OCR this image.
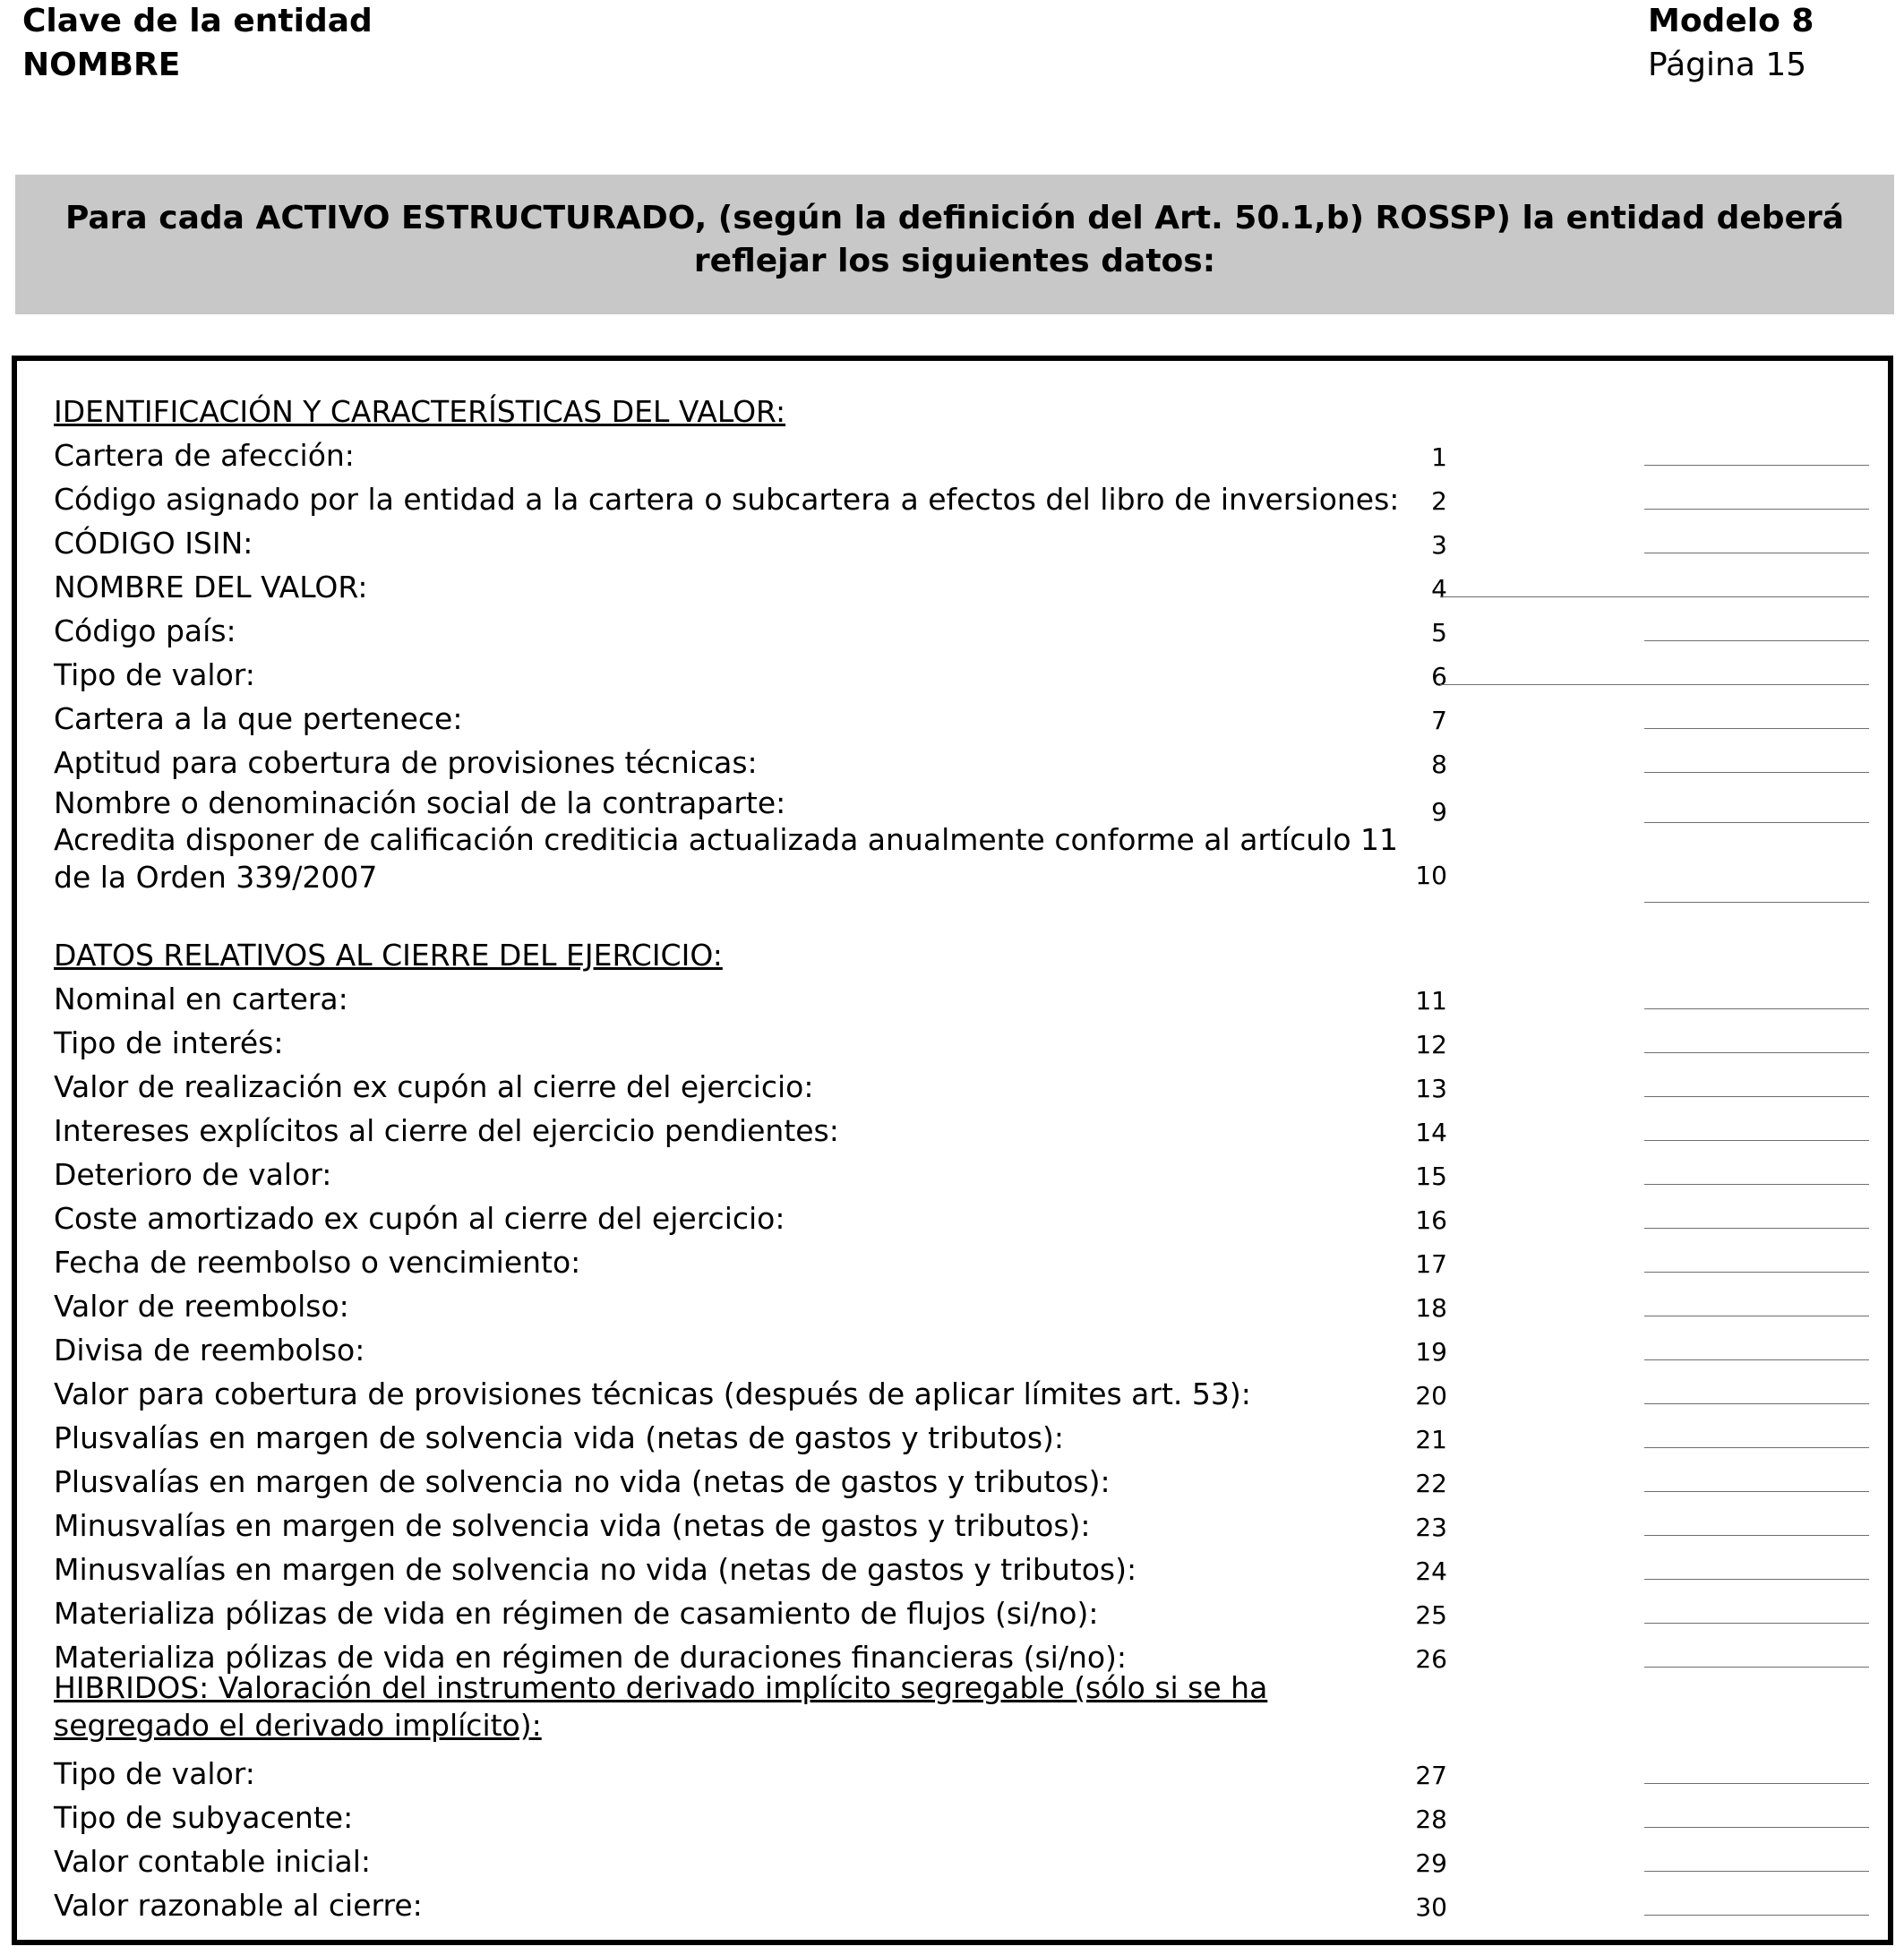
Clave de la entidad
NOMBRE
Modelo 8
Página 15
Para cada ACTIVO ESTRUCTURADO, (según la definición del Art. 50.1,b) ROSSP) la entidad deberá
reflejar los siguientes datos:
IDENTIFICACIÓN Y CARACTERÍSTICAS DEL VALOR:
Cartera de afección:	1
Código asignado por la entidad a la cartera o subcartera a efectos del libro de inversiones:	2
CÓDIGO ISIN:	3
NOMBRE DEL VALOR:	4
Código país:	5
Tipo de valor:	6
Cartera a la que pertenece:	7
Aptitud para cobertura de provisiones técnicas:	8
Nombre o denominación social de la contraparte:	9
Acredita disponer de calificación crediticia actualizada anualmente conforme al artículo 11
de la Orden 339/2007	10
DATOS RELATIVOS AL CIERRE DEL EJERCICIO:
Nominal en cartera:	11
Tipo de interés:	12
Valor de realización ex cupón al cierre del ejercicio:	13
Intereses explícitos al cierre del ejercicio pendientes:	14
Deterioro de valor:	15
Coste amortizado ex cupón al cierre del ejercicio:	16
Fecha de reembolso o vencimiento:	17
Valor de reembolso:	18
Divisa de reembolso:	19
Valor para cobertura de provisiones técnicas (después de aplicar límites art. 53):	20
Plusvalías en margen de solvencia vida (netas de gastos y tributos):	21
Plusvalías en margen de solvencia no vida (netas de gastos y tributos):	22
Minusvalías en margen de solvencia vida (netas de gastos y tributos):	23
Minusvalías en margen de solvencia no vida (netas de gastos y tributos):	24
Materializa pólizas de vida en régimen de casamiento de flujos (si/no):	25
Materializa pólizas de vida en régimen de duraciones financieras (si/no):	26
HIBRIDOS: Valoración del instrumento derivado implícito segregable (sólo si se ha
segregado el derivado implícito):
Tipo de valor:	27
Tipo de subyacente:	28
Valor contable inicial:	29
Valor razonable al cierre:	30
